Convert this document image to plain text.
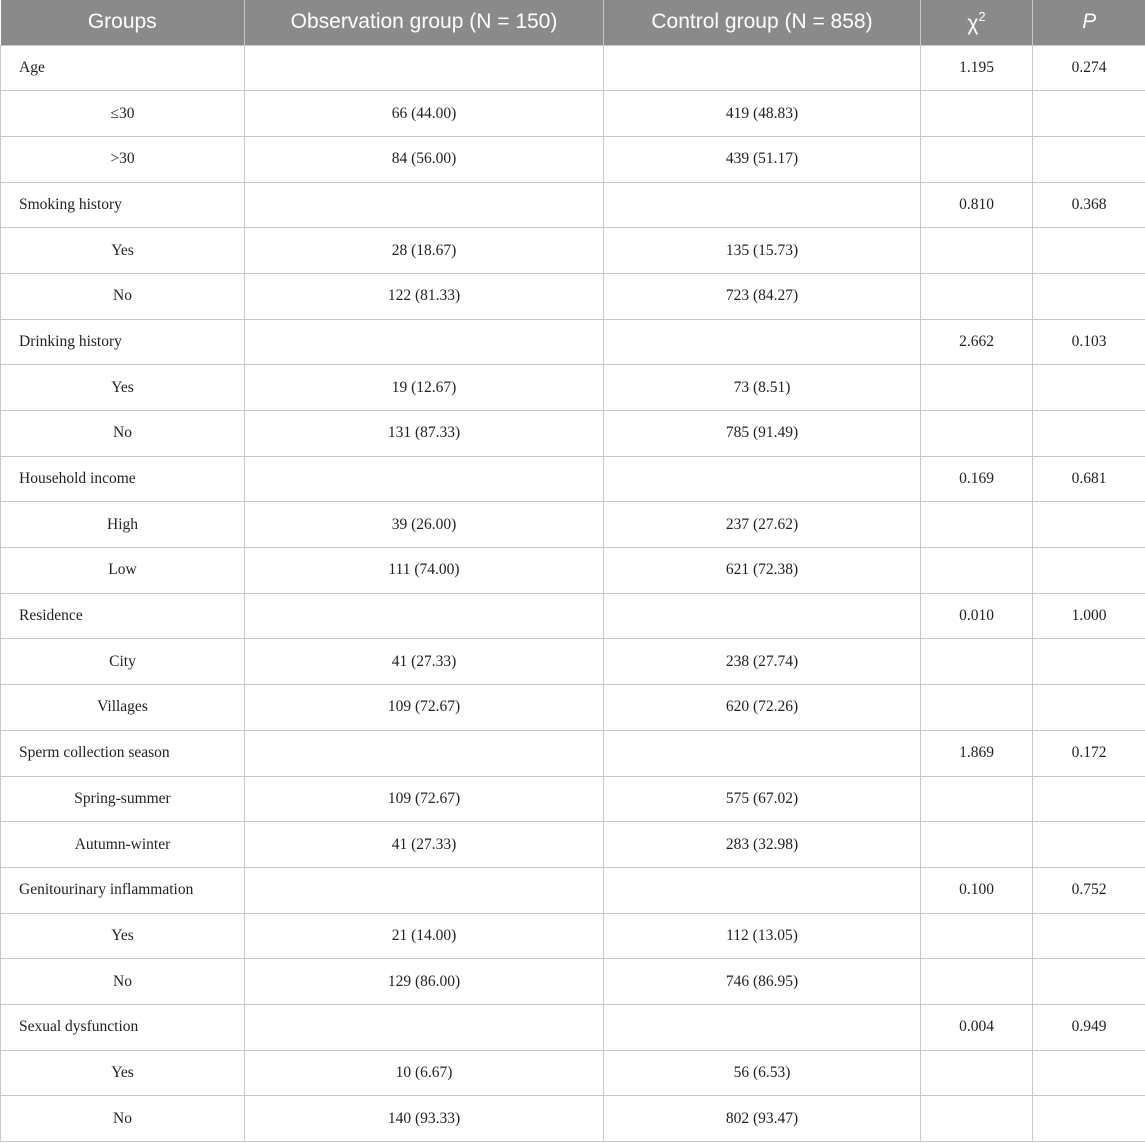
Groups	Observation group (N = 150)	Control group (N = 858)	$\chi^2$	P
Age			1.195	0.274
≤30	66 (44.00)	419 (48.83)		
>30	84 (56.00)	439 (51.17)		
Smoking history			0.810	0.368
Yes	28 (18.67)	135 (15.73)		
No	122 (81.33)	723 (84.27)		
Drinking history			2.662	0.103
Yes	19 (12.67)	73 (8.51)		
No	131 (87.33)	785 (91.49)		
Household income			0.169	0.681
High	39 (26.00)	237 (27.62)		
Low	111 (74.00)	621 (72.38)		
Residence			0.010	1.000
City	41 (27.33)	238 (27.74)		
Villages	109 (72.67)	620 (72.26)		
Sperm collection season			1.869	0.172
Spring-summer	109 (72.67)	575 (67.02)		
Autumn-winter	41 (27.33)	283 (32.98)		
Genitourinary inflammation			0.100	0.752
Yes	21 (14.00)	112 (13.05)		
No	129 (86.00)	746 (86.95)		
Sexual dysfunction			0.004	0.949
Yes	10 (6.67)	56 (6.53)		
No	140 (93.33)	802 (93.47)		
